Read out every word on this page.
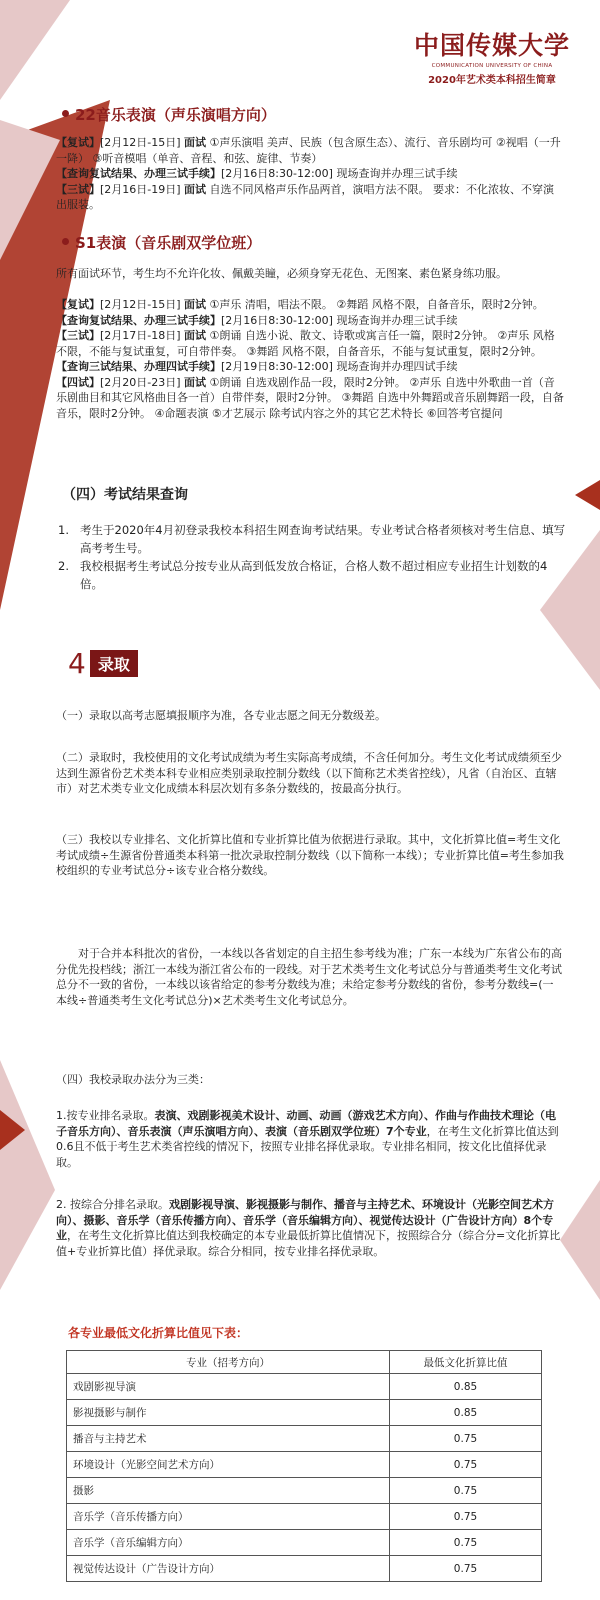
中国传媒大学
COMMUNICATION UNIVERSITY OF CHINA
2020年艺术类本科招生简章
22音乐表演（声乐演唱方向）
【复试】[2月12日-15日] 面试 ①声乐演唱 美声、民族（包含原生态）、流行、音乐剧均可 ②视唱（一升一降） ③听音模唱（单音、音程、和弦、旋律、节奏）
【查询复试结果、办理三试手续】[2月16日8:30-12:00] 现场查询并办理三试手续
【三试】[2月16日-19日] 面试 自选不同风格声乐作品两首，演唱方法不限。 要求：不化浓妆、不穿演出服装。
S1表演（音乐剧双学位班）
所有面试环节，考生均不允许化妆、佩戴美瞳，必须身穿无花色、无图案、素色紧身练功服。
【复试】[2月12日-15日] 面试 ①声乐 清唱，唱法不限。 ②舞蹈 风格不限，自备音乐，限时2分钟。
【查询复试结果、办理三试手续】[2月16日8:30-12:00] 现场查询并办理三试手续
【三试】[2月17日-18日] 面试 ①朗诵 自选小说、散文、诗歌或寓言任一篇，限时2分钟。 ②声乐 风格不限，不能与复试重复，可自带伴奏。 ③舞蹈 风格不限，自备音乐，不能与复试重复，限时2分钟。
【查询三试结果、办理四试手续】[2月19日8:30-12:00] 现场查询并办理四试手续
【四试】[2月20日-23日] 面试 ①朗诵 自选戏剧作品一段，限时2分钟。 ②声乐 自选中外歌曲一首（音乐剧曲目和其它风格曲目各一首）自带伴奏，限时2分钟。 ③舞蹈 自选中外舞蹈或音乐剧舞蹈一段，自备音乐，限时2分钟。 ④命题表演 ⑤才艺展示 除考试内容之外的其它艺术特长 ⑥回答考官提问
（四）考试结果查询
1. 考生于2020年4月初登录我校本科招生网查询考试结果。专业考试合格者须核对考生信息、填写高考考生号。
2. 我校根据考生考试总分按专业从高到低发放合格证，合格人数不超过相应专业招生计划数的4倍。
4 录取
（一）录取以高考志愿填报顺序为准，各专业志愿之间无分数级差。
（二）录取时，我校使用的文化考试成绩为考生实际高考成绩，不含任何加分。考生文化考试成绩须至少达到生源省份艺术类本科专业相应类别录取控制分数线（以下简称艺术类省控线），凡省（自治区、直辖市）对艺术类专业文化成绩本科层次划有多条分数线的，按最高分执行。
（三）我校以专业排名、文化折算比值和专业折算比值为依据进行录取。其中，文化折算比值=考生文化考试成绩÷生源省份普通类本科第一批次录取控制分数线（以下简称一本线）；专业折算比值=考生参加我校组织的专业考试总分÷该专业合格分数线。
对于合并本科批次的省份，一本线以各省划定的自主招生参考线为准；广东一本线为广东省公布的高分优先投档线；浙江一本线为浙江省公布的一段线。对于艺术类考生文化考试总分与普通类考生文化考试总分不一致的省份，一本线以该省给定的参考分数线为准；未给定参考分数线的省份，参考分数线=(一本线÷普通类考生文化考试总分)×艺术类考生文化考试总分。
（四）我校录取办法分为三类：
1.按专业排名录取。表演、戏剧影视美术设计、动画、动画（游戏艺术方向）、作曲与作曲技术理论（电子音乐方向）、音乐表演（声乐演唱方向）、表演（音乐剧双学位班）7个专业，在考生文化折算比值达到0.6且不低于考生艺术类省控线的情况下，按照专业排名择优录取。专业排名相同，按文化比值择优录取。
2. 按综合分排名录取。戏剧影视导演、影视摄影与制作、播音与主持艺术、环境设计（光影空间艺术方向）、摄影、音乐学（音乐传播方向）、音乐学（音乐编辑方向）、视觉传达设计（广告设计方向）8个专业，在考生文化折算比值达到我校确定的本专业最低折算比值情况下，按照综合分（综合分=文化折算比值+专业折算比值）择优录取。综合分相同，按专业排名择优录取。
各专业最低文化折算比值见下表：
专业（招考方向）	最低文化折算比值
戏剧影视导演	0.85
影视摄影与制作	0.85
播音与主持艺术	0.75
环境设计（光影空间艺术方向）	0.75
摄影	0.75
音乐学（音乐传播方向）	0.75
音乐学（音乐编辑方向）	0.75
视觉传达设计（广告设计方向）	0.75
